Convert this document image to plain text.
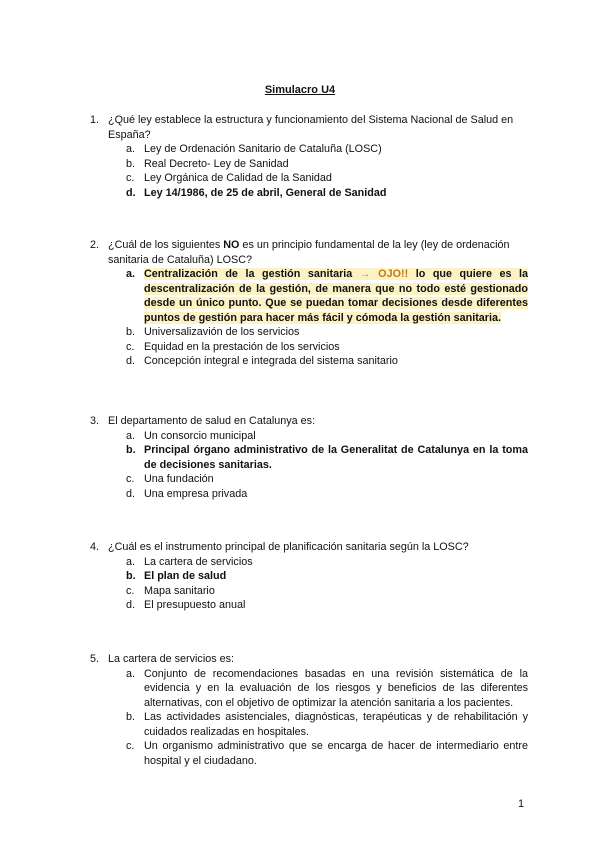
Simulacro U4
1. ¿Qué ley establece la estructura y funcionamiento del Sistema Nacional de Salud en España?
a. Ley de Ordenación Sanitario de Cataluña (LOSC)
b. Real Decreto- Ley de Sanidad
c. Ley Orgánica de Calidad de la Sanidad
d. Ley 14/1986, de 25 de abril, General de Sanidad
2. ¿Cuál de los siguientes NO es un principio fundamental de la ley (ley de ordenación sanitaria de Cataluña) LOSC?
a. Centralización de la gestión sanitaria → OJO!! lo que quiere es la descentralización de la gestión, de manera que no todo esté gestionado desde un único punto. Que se puedan tomar decisiones desde diferentes puntos de gestión para hacer más fácil y cómoda la gestión sanitaria.
b. Universalizavión de los servicios
c. Equidad en la prestación de los servicios
d. Concepción integral e integrada del sistema sanitario
3. El departamento de salud en Catalunya es:
a. Un consorcio municipal
b. Principal órgano administrativo de la Generalitat de Catalunya en la toma de decisiones sanitarias.
c. Una fundación
d. Una empresa privada
4. ¿Cuál es el instrumento principal de planificación sanitaria según la LOSC?
a. La cartera de servicios
b. El plan de salud
c. Mapa sanitario
d. El presupuesto anual
5. La cartera de servicios es:
a. Conjunto de recomendaciones basadas en una revisión sistemática de la evidencia y en la evaluación de los riesgos y beneficios de las diferentes alternativas, con el objetivo de optimizar la atención sanitaria a los pacientes.
b. Las actividades asistenciales, diagnósticas, terapéuticas y de rehabilitación y cuidados realizadas en hospitales.
c. Un organismo administrativo que se encarga de hacer de intermediario entre hospital y el ciudadano.
1
